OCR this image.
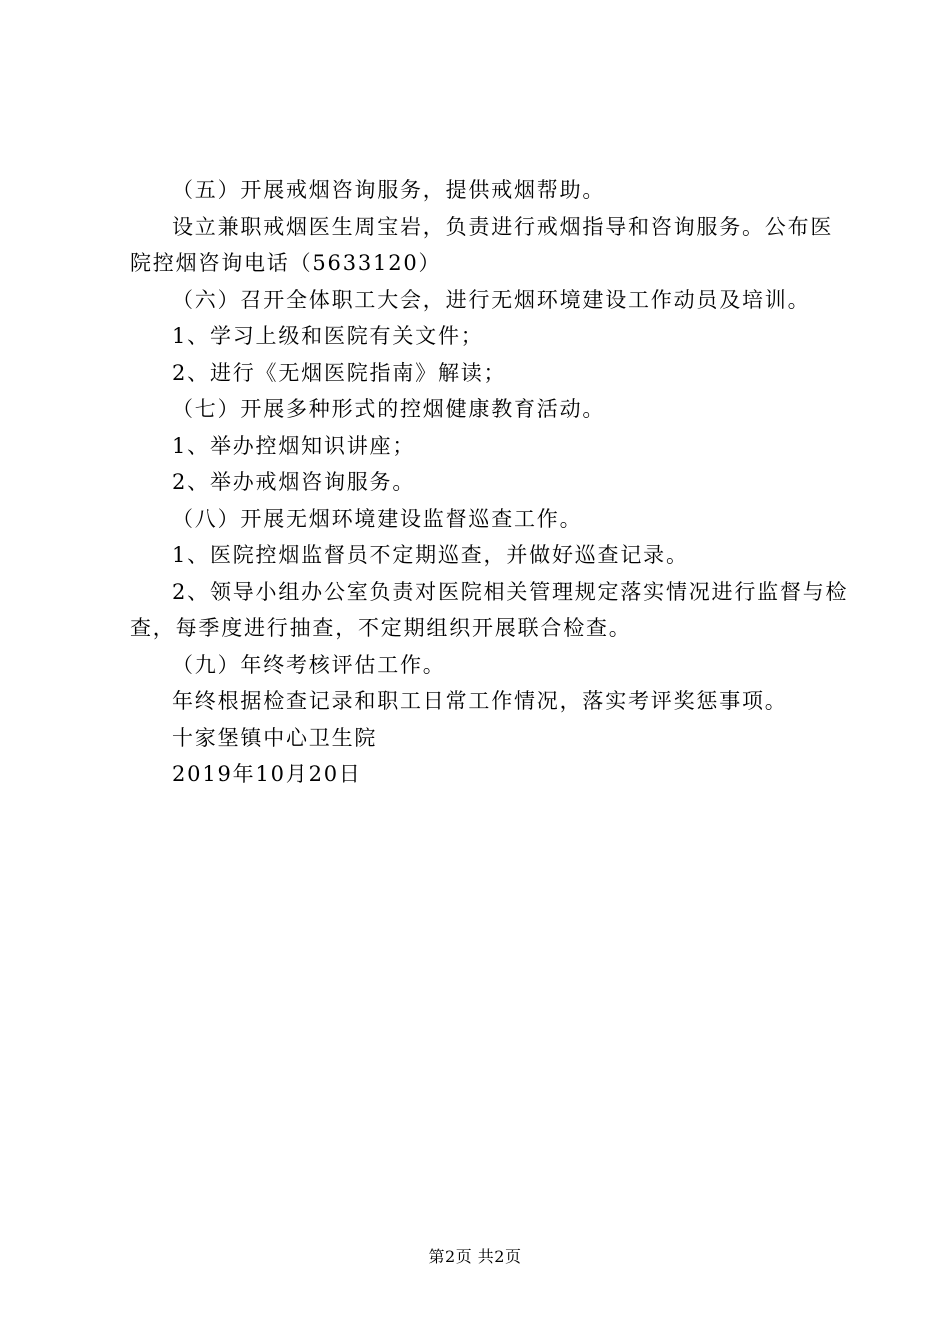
（五）开展戒烟咨询服务，提供戒烟帮助。

设立兼职戒烟医生周宝岩，负责进行戒烟指导和咨询服务。公布医院控烟咨询电话（5633120）

（六）召开全体职工大会，进行无烟环境建设工作动员及培训。

1、学习上级和医院有关文件；

2、进行《无烟医院指南》解读；

（七）开展多种形式的控烟健康教育活动。

1、举办控烟知识讲座；

2、举办戒烟咨询服务。

（八）开展无烟环境建设监督巡查工作。

1、医院控烟监督员不定期巡查，并做好巡查记录。

2、领导小组办公室负责对医院相关管理规定落实情况进行监督与检查，每季度进行抽查，不定期组织开展联合检查。

（九）年终考核评估工作。

年终根据检查记录和职工日常工作情况，落实考评奖惩事项。

十家堡镇中心卫生院

2019年10月20日

第2页 共2页
